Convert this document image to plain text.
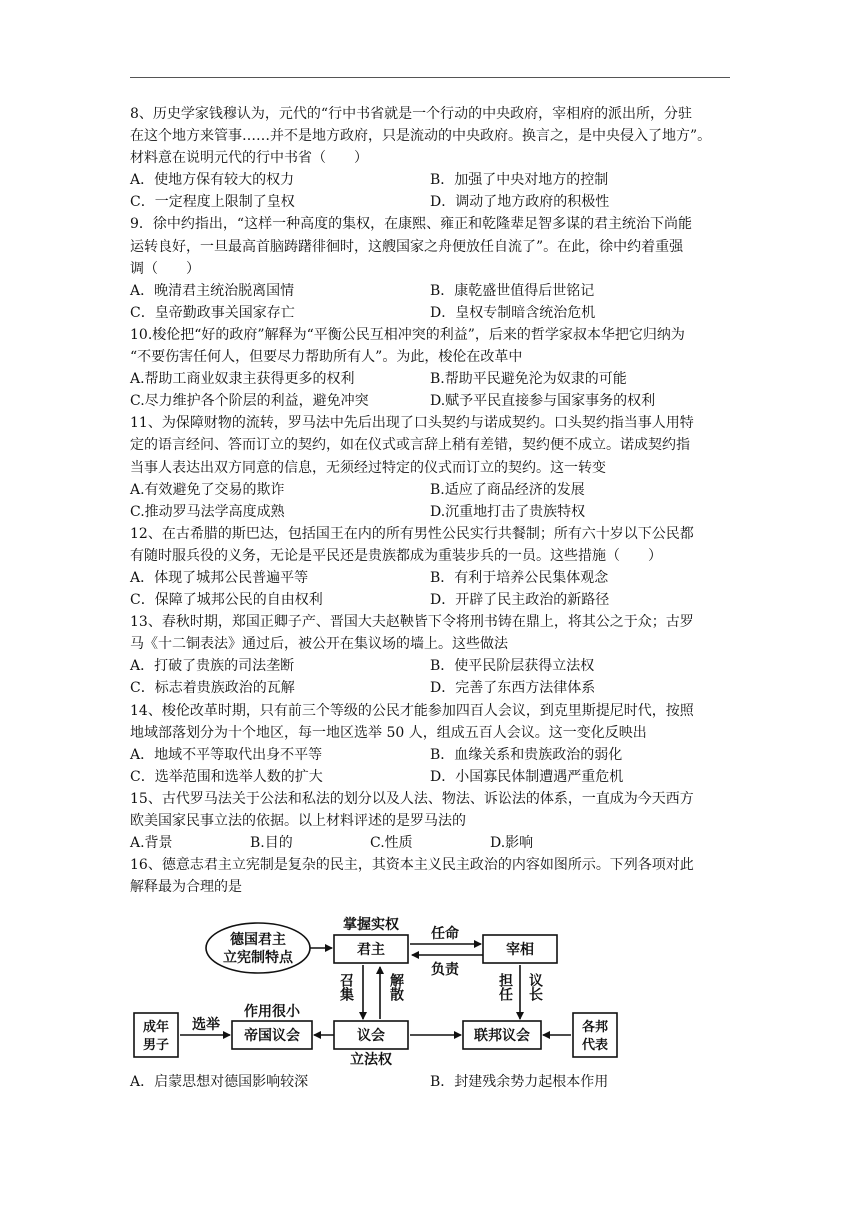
8、历史学家钱穆认为，元代的“行中书省就是一个行动的中央政府，宰相府的派出所，分驻
在这个地方来管事……并不是地方政府，只是流动的中央政府。换言之，是中央侵入了地方”。
材料意在说明元代的行中书省（　　）
A．使地方保有较大的权力	B．加强了中央对地方的控制
C．一定程度上限制了皇权	D．调动了地方政府的积极性
9．徐中约指出，“这样一种高度的集权，在康熙、雍正和乾隆辈足智多谋的君主统治下尚能
运转良好，一旦最高首脑踌躇徘徊时，这艘国家之舟便放任自流了”。在此，徐中约着重强
调（　　）
A．晚清君主统治脱离国情	B．康乾盛世值得后世铭记
C．皇帝勤政事关国家存亡	D．皇权专制暗含统治危机
10.梭伦把“好的政府”解释为“平衡公民互相冲突的利益”，后来的哲学家叔本华把它归纳为
“不要伤害任何人，但要尽力帮助所有人”。为此，梭伦在改革中
A.帮助工商业奴隶主获得更多的权利	B.帮助平民避免沦为奴隶的可能
C.尽力维护各个阶层的利益，避免冲突	D.赋予平民直接参与国家事务的权利
11、为保障财物的流转，罗马法中先后出现了口头契约与诺成契约。口头契约指当事人用特
定的语言经问、答而订立的契约，如在仪式或言辞上稍有差错，契约便不成立。诺成契约指
当事人表达出双方同意的信息，无须经过特定的仪式而订立的契约。这一转变
A.有效避免了交易的欺诈	B.适应了商品经济的发展
C.推动罗马法学高度成熟	D.沉重地打击了贵族特权
12、在古希腊的斯巴达，包括国王在内的所有男性公民实行共餐制；所有六十岁以下公民都
有随时服兵役的义务，无论是平民还是贵族都成为重装步兵的一员。这些措施（　　）
A．体现了城邦公民普遍平等	B．有利于培养公民集体观念
C．保障了城邦公民的自由权利	D．开辟了民主政治的新路径
13、春秋时期，郑国正卿子产、晋国大夫赵鞅皆下令将刑书铸在鼎上，将其公之于众；古罗
马《十二铜表法》通过后，被公开在集议场的墙上。这些做法
A．打破了贵族的司法垄断	B．使平民阶层获得立法权
C．标志着贵族政治的瓦解	D．完善了东西方法律体系
14、梭伦改革时期，只有前三个等级的公民才能参加四百人会议，到克里斯提尼时代，按照
地域部落划分为十个地区，每一地区选举 50 人，组成五百人会议。这一变化反映出
A．地域不平等取代出身不平等	B．血缘关系和贵族政治的弱化
C．选举范围和选举人数的扩大	D．小国寡民体制遭遇严重危机
15、古代罗马法关于公法和私法的划分以及人法、物法、诉讼法的体系，一直成为今天西方
欧美国家民事立法的依据。以上材料评述的是罗马法的
A.背景	B.目的	C.性质	D.影响
16、德意志君主立宪制是复杂的民主，其资本主义民主政治的内容如图所示。下列各项对此
解释最为合理的是
德国君主
立宪制特点
掌握实权
君主	宰相
任命
负责
召集 解散	担任 议长
议会
立法权
帝国议会
作用很小
联邦议会
选举
成年男子
各邦代表
A．启蒙思想对德国影响较深	B．封建残余势力起根本作用
